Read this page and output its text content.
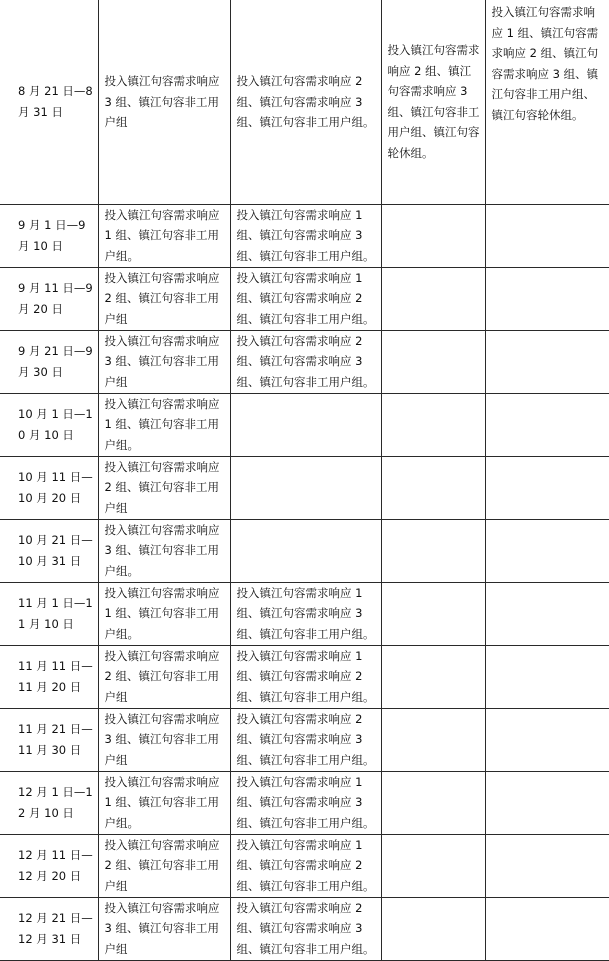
8 月 21 日—8 月 31 日	投入镇江句容需求响应 3 组、镇江句容非工用户组	投入镇江句容需求响应 2 组、镇江句容需求响应 3 组、镇江句容非工用户组。	投入镇江句容需求响应 2 组、镇江句容需求响应 3 组、镇江句容非工用户组、镇江句容轮休组。	投入镇江句容需求响应 1 组、镇江句容需求响应 2 组、镇江句容需求响应 3 组、镇江句容非工用户组、镇江句容轮休组。
9 月 1 日—9 月 10 日	投入镇江句容需求响应 1 组、镇江句容非工用户组。	投入镇江句容需求响应 1 组、镇江句容需求响应 3 组、镇江句容非工用户组。		
9 月 11 日—9 月 20 日	投入镇江句容需求响应 2 组、镇江句容非工用户组	投入镇江句容需求响应 1 组、镇江句容需求响应 2 组、镇江句容非工用户组。		
9 月 21 日—9 月 30 日	投入镇江句容需求响应 3 组、镇江句容非工用户组	投入镇江句容需求响应 2 组、镇江句容需求响应 3 组、镇江句容非工用户组。		
10 月 1 日—10 月 10 日	投入镇江句容需求响应 1 组、镇江句容非工用户组。			
10 月 11 日—10 月 20 日	投入镇江句容需求响应 2 组、镇江句容非工用户组			
10 月 21 日—10 月 31 日	投入镇江句容需求响应 3 组、镇江句容非工用户组。			
11 月 1 日—11 月 10 日	投入镇江句容需求响应 1 组、镇江句容非工用户组。	投入镇江句容需求响应 1 组、镇江句容需求响应 3 组、镇江句容非工用户组。		
11 月 11 日—11 月 20 日	投入镇江句容需求响应 2 组、镇江句容非工用户组	投入镇江句容需求响应 1 组、镇江句容需求响应 2 组、镇江句容非工用户组。		
11 月 21 日—11 月 30 日	投入镇江句容需求响应 3 组、镇江句容非工用户组	投入镇江句容需求响应 2 组、镇江句容需求响应 3 组、镇江句容非工用户组。		
12 月 1 日—12 月 10 日	投入镇江句容需求响应 1 组、镇江句容非工用户组。	投入镇江句容需求响应 1 组、镇江句容需求响应 3 组、镇江句容非工用户组。		
12 月 11 日—12 月 20 日	投入镇江句容需求响应 2 组、镇江句容非工用户组	投入镇江句容需求响应 1 组、镇江句容需求响应 2 组、镇江句容非工用户组。		
12 月 21 日—12 月 31 日	投入镇江句容需求响应 3 组、镇江句容非工用户组	投入镇江句容需求响应 2 组、镇江句容需求响应 3 组、镇江句容非工用户组。		
